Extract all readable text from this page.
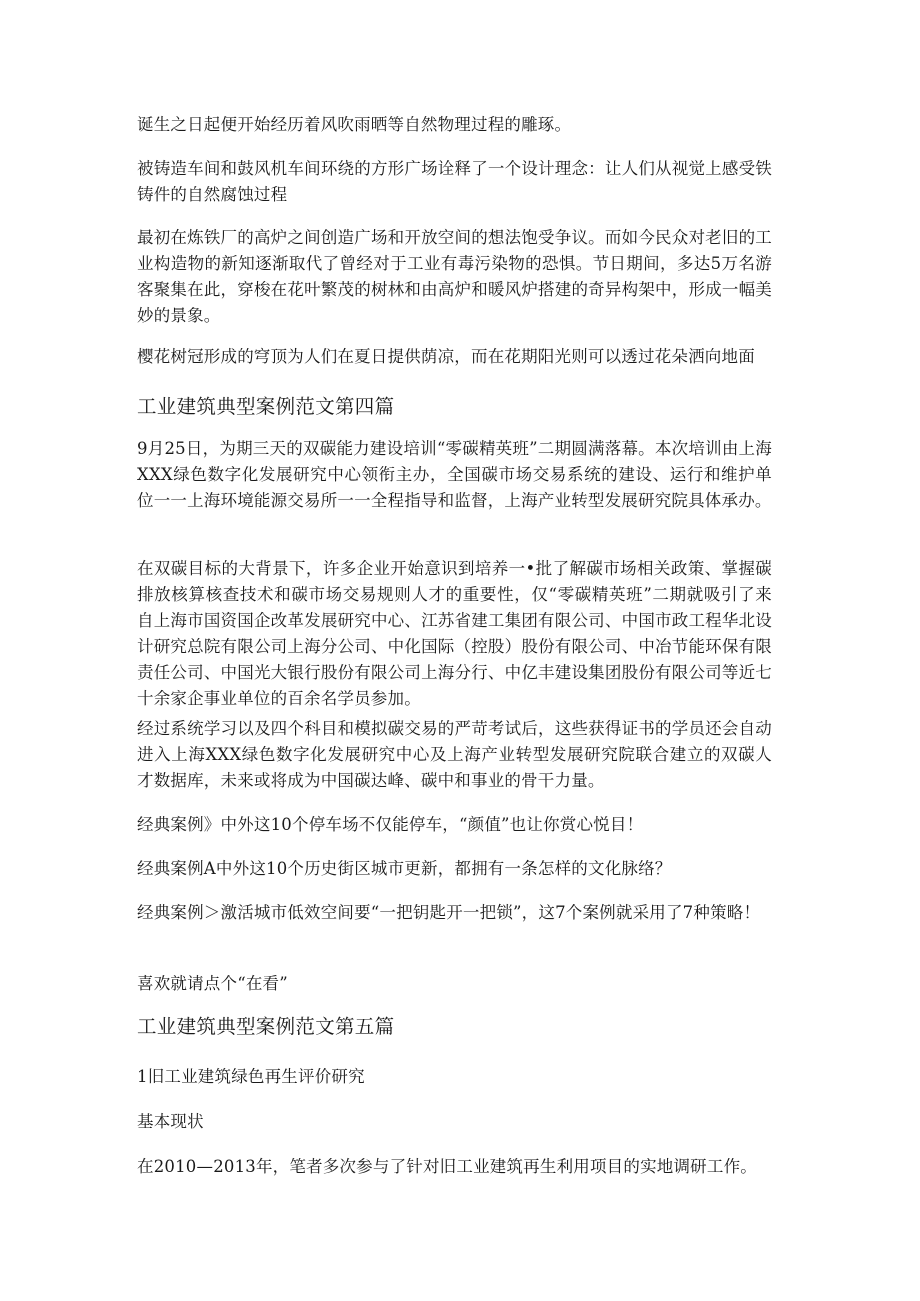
诞生之日起便开始经历着风吹雨晒等自然物理过程的雕琢。

被铸造车间和鼓风机车间环绕的方形广场诠释了一个设计理念：让人们从视觉上感受铁铸件的自然腐蚀过程

最初在炼铁厂的高炉之间创造广场和开放空间的想法饱受争议。而如今民众对老旧的工业构造物的新知逐渐取代了曾经对于工业有毒污染物的恐惧。节日期间，多达5万名游客聚集在此，穿梭在花叶繁茂的树林和由高炉和暖风炉搭建的奇异构架中，形成一幅美妙的景象。

樱花树冠形成的穹顶为人们在夏日提供荫凉，而在花期阳光则可以透过花朵洒向地面

工业建筑典型案例范文第四篇

9月25日，为期三天的双碳能力建设培训“零碳精英班”二期圆满落幕。本次培训由上海XXX绿色数字化发展研究中心领衔主办，全国碳市场交易系统的建设、运行和维护单位一一上海环境能源交易所一一全程指导和监督，上海产业转型发展研究院具体承办。

在双碳目标的大背景下，许多企业开始意识到培养一•批了解碳市场相关政策、掌握碳排放核算核查技术和碳市场交易规则人才的重要性，仅“零碳精英班”二期就吸引了来自上海市国资国企改革发展研究中心、江苏省建工集团有限公司、中国市政工程华北设计研究总院有限公司上海分公司、中化国际（控股）股份有限公司、中冶节能环保有限责任公司、中国光大银行股份有限公司上海分行、中亿丰建设集团股份有限公司等近七十余家企事业单位的百余名学员参加。

经过系统学习以及四个科目和模拟碳交易的严苛考试后，这些获得证书的学员还会自动进入上海XXX绿色数字化发展研究中心及上海产业转型发展研究院联合建立的双碳人才数据库，未来或将成为中国碳达峰、碳中和事业的骨干力量。

经典案例》中外这10个停车场不仅能停车，“颜值”也让你赏心悦目！

经典案例A中外这10个历史街区城市更新，都拥有一条怎样的文化脉络？

经典案例＞激活城市低效空间要“一把钥匙开一把锁”，这7个案例就采用了7种策略！

喜欢就请点个“在看”

工业建筑典型案例范文第五篇

1旧工业建筑绿色再生评价研究

基本现状

在2010—2013年，笔者多次参与了针对旧工业建筑再生利用项目的实地调研工作。
